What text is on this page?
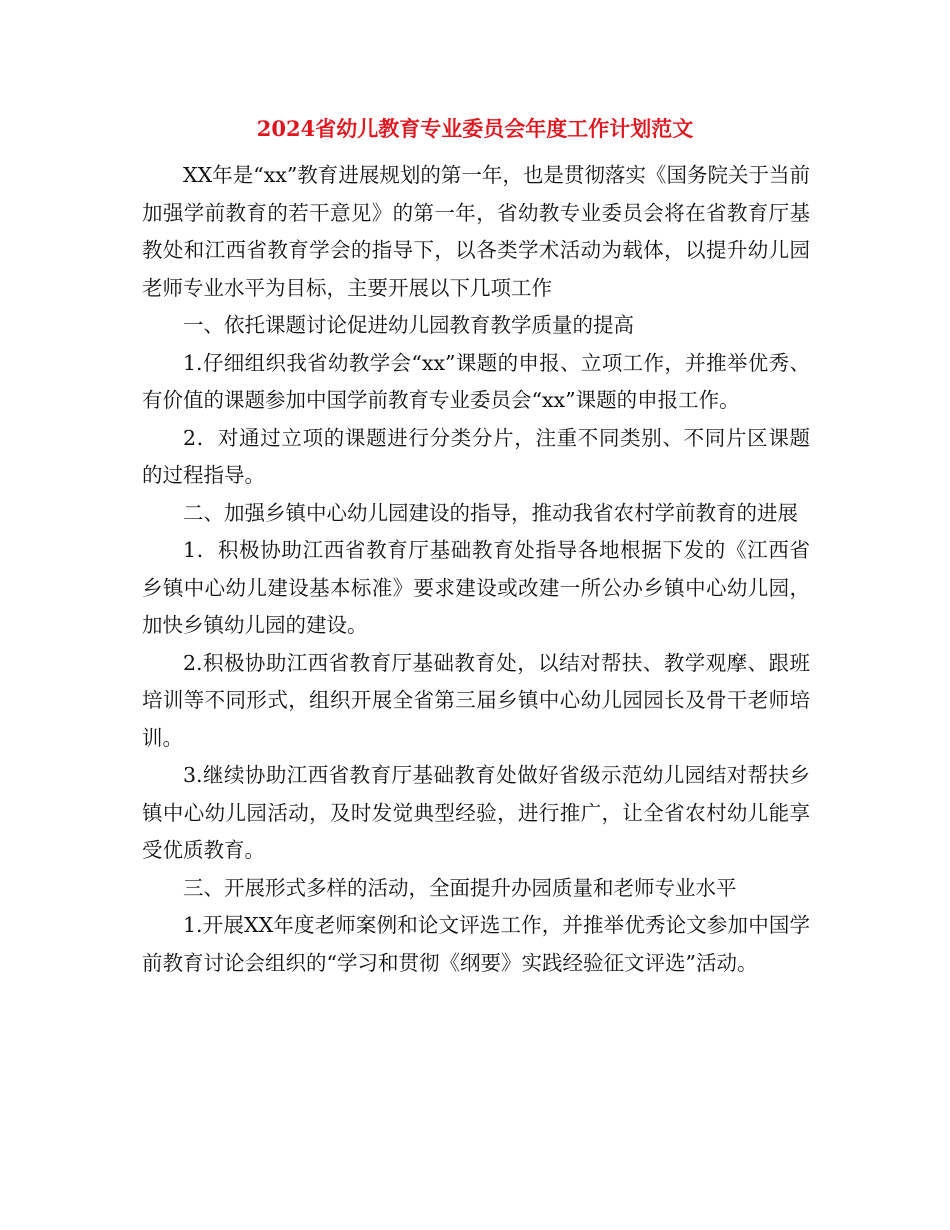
2024省幼儿教育专业委员会年度工作计划范文

XX年是“xx”教育进展规划的第一年，也是贯彻落实《国务院关于当前加强学前教育的若干意见》的第一年，省幼教专业委员会将在省教育厅基教处和江西省教育学会的指导下，以各类学术活动为载体，以提升幼儿园老师专业水平为目标，主要开展以下几项工作

一、依托课题讨论促进幼儿园教育教学质量的提高

1.仔细组织我省幼教学会“xx”课题的申报、立项工作，并推举优秀、有价值的课题参加中国学前教育专业委员会“xx”课题的申报工作。

2．对通过立项的课题进行分类分片，注重不同类别、不同片区课题的过程指导。

二、加强乡镇中心幼儿园建设的指导，推动我省农村学前教育的进展

1．积极协助江西省教育厅基础教育处指导各地根据下发的《江西省乡镇中心幼儿建设基本标准》要求建设或改建一所公办乡镇中心幼儿园，加快乡镇幼儿园的建设。

2.积极协助江西省教育厅基础教育处，以结对帮扶、教学观摩、跟班培训等不同形式，组织开展全省第三届乡镇中心幼儿园园长及骨干老师培训。

3.继续协助江西省教育厅基础教育处做好省级示范幼儿园结对帮扶乡镇中心幼儿园活动，及时发觉典型经验，进行推广，让全省农村幼儿能享受优质教育。

三、开展形式多样的活动，全面提升办园质量和老师专业水平

1.开展XX年度老师案例和论文评选工作，并推举优秀论文参加中国学前教育讨论会组织的“学习和贯彻《纲要》实践经验征文评选”活动。
